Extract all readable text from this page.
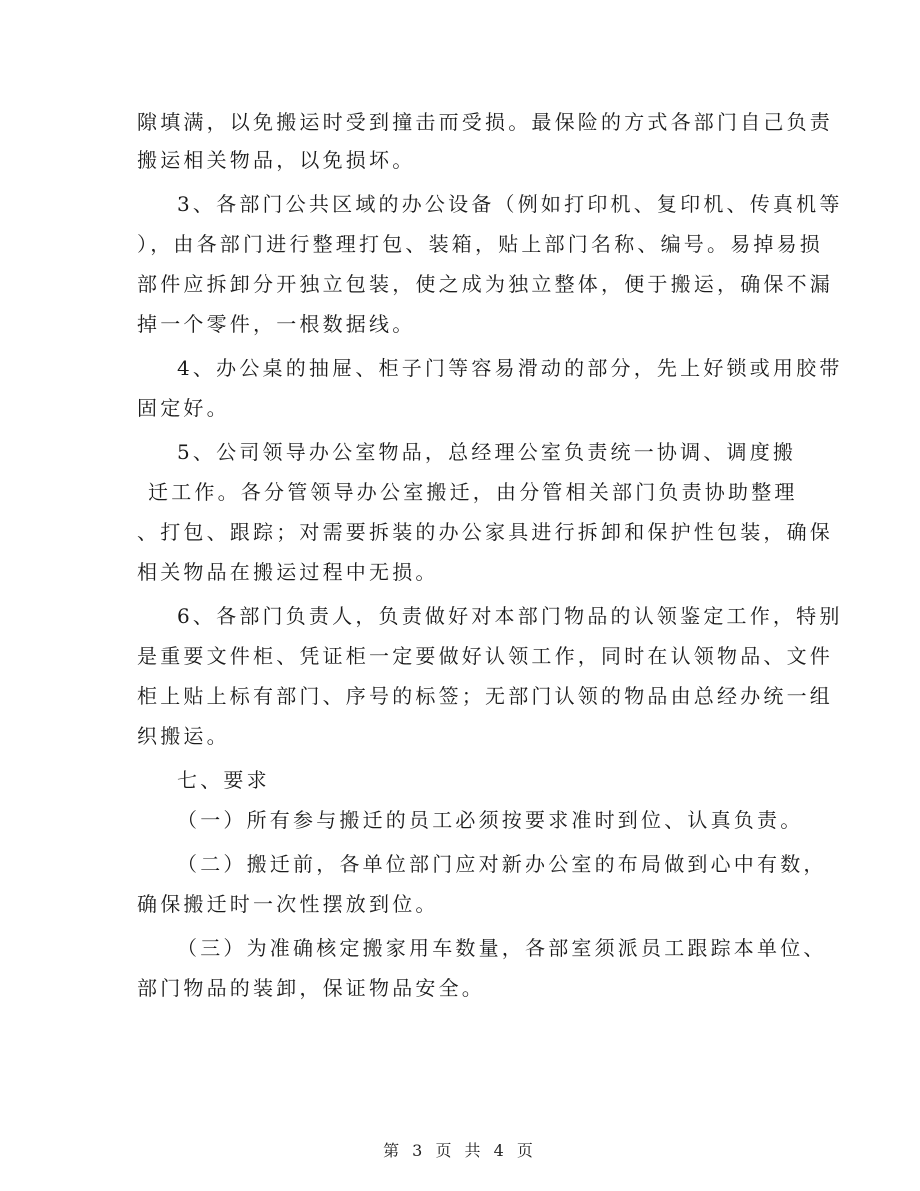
隙填满，以免搬运时受到撞击而受损。最保险的方式各部门自己负责
搬运相关物品，以免损坏。
3、各部门公共区域的办公设备（例如打印机、复印机、传真机等
），由各部门进行整理打包、装箱，贴上部门名称、编号。易掉易损
部件应拆卸分开独立包装，使之成为独立整体，便于搬运，确保不漏
掉一个零件，一根数据线。
4、办公桌的抽屉、柜子门等容易滑动的部分，先上好锁或用胶带
固定好。
5、公司领导办公室物品，总经理公室负责统一协调、调度搬
迁工作。各分管领导办公室搬迁，由分管相关部门负责协助整理
、打包、跟踪；对需要拆装的办公家具进行拆卸和保护性包装，确保
相关物品在搬运过程中无损。
6、各部门负责人，负责做好对本部门物品的认领鉴定工作，特别
是重要文件柜、凭证柜一定要做好认领工作，同时在认领物品、文件
柜上贴上标有部门、序号的标签；无部门认领的物品由总经办统一组
织搬运。
七、要求
（一）所有参与搬迁的员工必须按要求准时到位、认真负责。
（二）搬迁前，各单位部门应对新办公室的布局做到心中有数，
确保搬迁时一次性摆放到位。
（三）为准确核定搬家用车数量，各部室须派员工跟踪本单位、
部门物品的装卸，保证物品安全。
第 3 页 共 4 页
